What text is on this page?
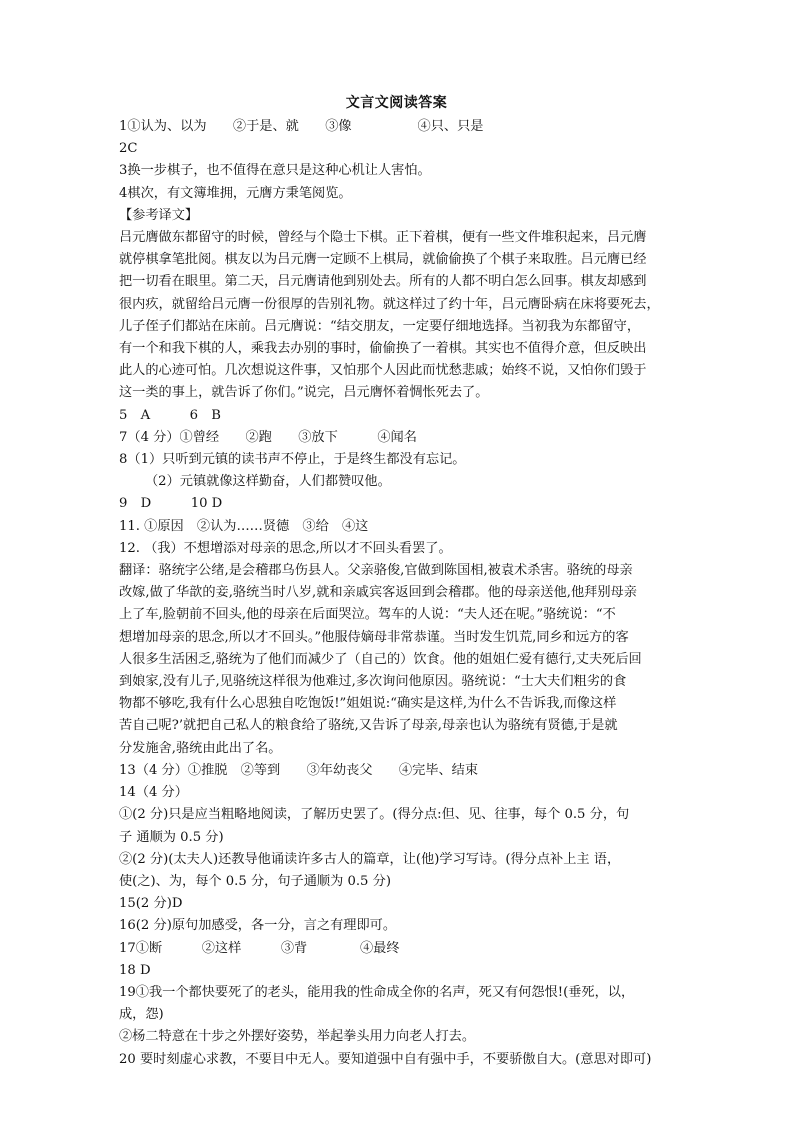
文言文阅读答案

1①认为、以为　　②于是、就　　③像　　　　　④只、只是

2C

3换一步棋子，也不值得在意只是这种心机让人害怕。

4棋次，有文簿堆拥，元膺方秉笔阅览。

【参考译文】

吕元膺做东都留守的时候，曾经与个隐士下棋。正下着棋，便有一些文件堆积起来，吕元膺

就停棋拿笔批阅。棋友以为吕元膺一定顾不上棋局，就偷偷换了个棋子来取胜。吕元膺已经

把一切看在眼里。第二天，吕元膺请他到别处去。所有的人都不明白怎么回事。棋友却感到

很内疚，就留给吕元膺一份很厚的告别礼物。就这样过了约十年，吕元膺卧病在床将要死去，

儿子侄子们都站在床前。吕元膺说：“结交朋友，一定要仔细地选择。当初我为东都留守，

有一个和我下棋的人，乘我去办别的事时，偷偷换了一着棋。其实也不值得介意，但反映出

此人的心迹可怕。几次想说这件事，又怕那个人因此而忧愁悲戚；始终不说，又怕你们毁于

这一类的事上，就告诉了你们。”说完，吕元膺怀着惆怅死去了。

5　A　　　6　B

7（4 分）①曾经　　②跑　　③放下　　　④闻名

8（1）只听到元镇的读书声不停止，于是终生都没有忘记。

（2）元镇就像这样勤奋，人们都赞叹他。

9　D　　　10 D

11. ①原因　②认为……贤德　③给　④这

12. （我）不想增添对母亲的思念,所以才不回头看罢了。

翻译：骆统字公绪,是会稽郡乌伤县人。父亲骆俊,官做到陈国相,被袁术杀害。骆统的母亲

改嫁,做了华歆的妾,骆统当时八岁,就和亲戚宾客返回到会稽郡。他的母亲送他,他拜别母亲

上了车,脸朝前不回头,他的母亲在后面哭泣。驾车的人说：“夫人还在呢。”骆统说：“不

想增加母亲的思念,所以才不回头。”他服侍嫡母非常恭谨。当时发生饥荒,同乡和远方的客

人很多生活困乏,骆统为了他们而减少了（自己的）饮食。他的姐姐仁爱有德行,丈夫死后回

到娘家,没有儿子,见骆统这样很为他难过,多次询问他原因。骆统说：“士大夫们粗劣的食

物都不够吃,我有什么心思独自吃饱饭!”姐姐说:“确实是这样,为什么不告诉我,而像这样

苦自己呢?’就把自己私人的粮食给了骆统,又告诉了母亲,母亲也认为骆统有贤德,于是就

分发施舍,骆统由此出了名。

13（4 分）①推脱　②等到　　③年幼丧父　　④完毕、结束

14（4 分）

①(2 分)只是应当粗略地阅读，了解历史罢了。(得分点:但、见、往事，每个 0.5 分，句

子 通顺为 0.5 分)

②(2 分)(太夫人)还教导他诵读许多古人的篇章，让(他)学习写诗。(得分点补上主 语，

使(之)、为，每个 0.5 分，句子通顺为 0.5 分)

15(2 分)D

16(2 分)原句加感受，各一分，言之有理即可。

17①断　　　②这样　　　③背　　　　④最终

18 D

19①我一个都快要死了的老头，能用我的性命成全你的名声，死又有何怨恨!(垂死，以，

成，怨)

②杨二特意在十步之外摆好姿势，举起拳头用力向老人打去。

20 要时刻虚心求教，不要目中无人。要知道强中自有强中手，不要骄傲自大。(意思对即可)
